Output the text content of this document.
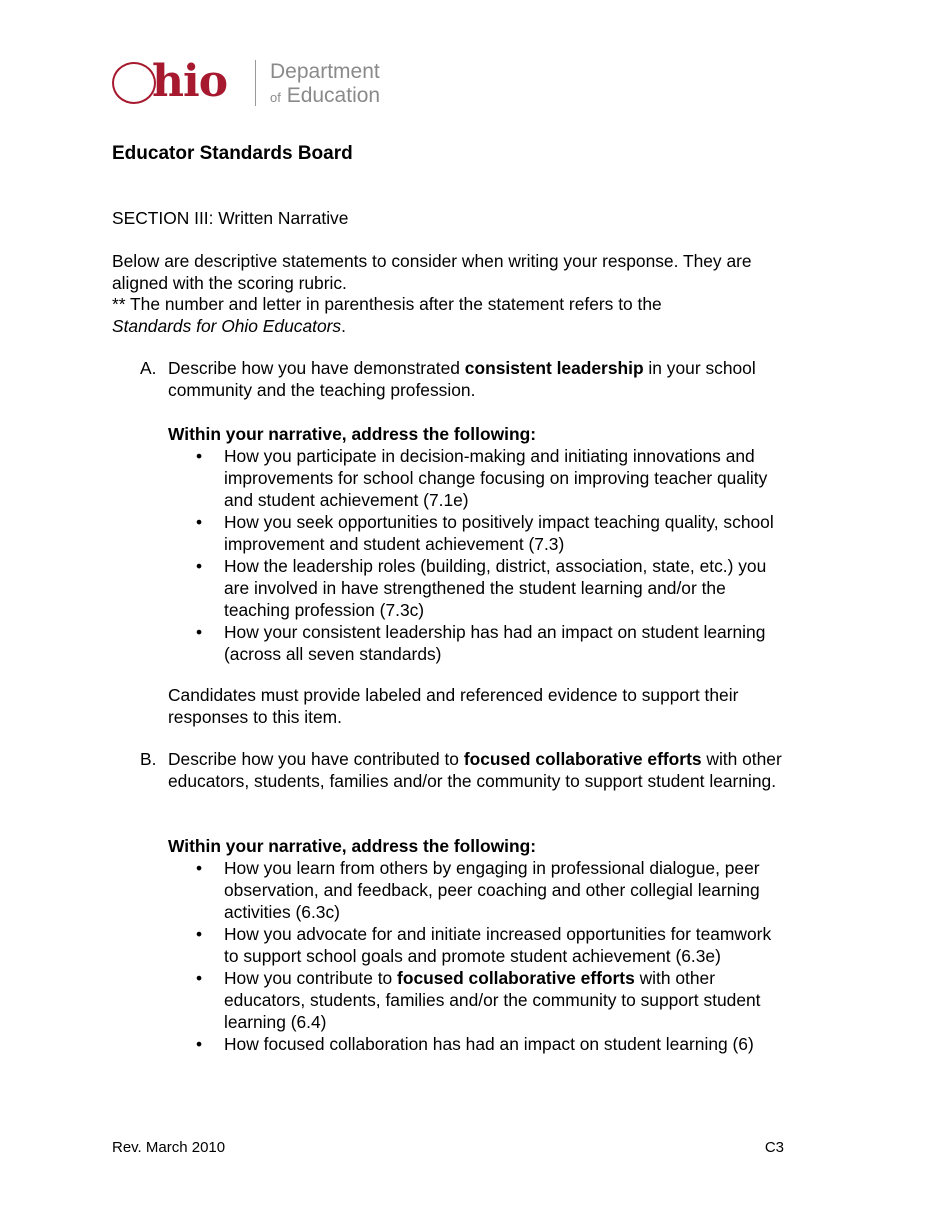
hio Department
of Education
Educator Standards Board
SECTION III: Written Narrative

Below are descriptive statements to consider when writing your response. They are aligned with the scoring rubric.

** The number and letter in parenthesis after the statement refers to the
Standards for Ohio Educators.

A. Describe how you have demonstrated consistent leadership in your school community and the teaching profession.
Within your narrative, address the following:
• How you participate in decision-making and initiating innovations and improvements for school change focusing on improving teacher quality and student achievement (7.1e)
• How you seek opportunities to positively impact teaching quality, school improvement and student achievement (7.3)
• How the leadership roles (building, district, association, state, etc.) you are involved in have strengthened the student learning and/or the teaching profession (7.3c)
• How your consistent leadership has had an impact on student learning (across all seven standards)
Candidates must provide labeled and referenced evidence to support their responses to this item.
B. Describe how you have contributed to focused collaborative efforts with other educators, students, families and/or the community to support student learning.
Within your narrative, address the following:
• How you learn from others by engaging in professional dialogue, peer observation, and feedback, peer coaching and other collegial learning activities (6.3c)
• How you advocate for and initiate increased opportunities for teamwork to support school goals and promote student achievement (6.3e)
• How you contribute to focused collaborative efforts with other educators, students, families and/or the community to support student learning (6.4)
• How focused collaboration has had an impact on student learning (6)
Rev. March 2010	C3
